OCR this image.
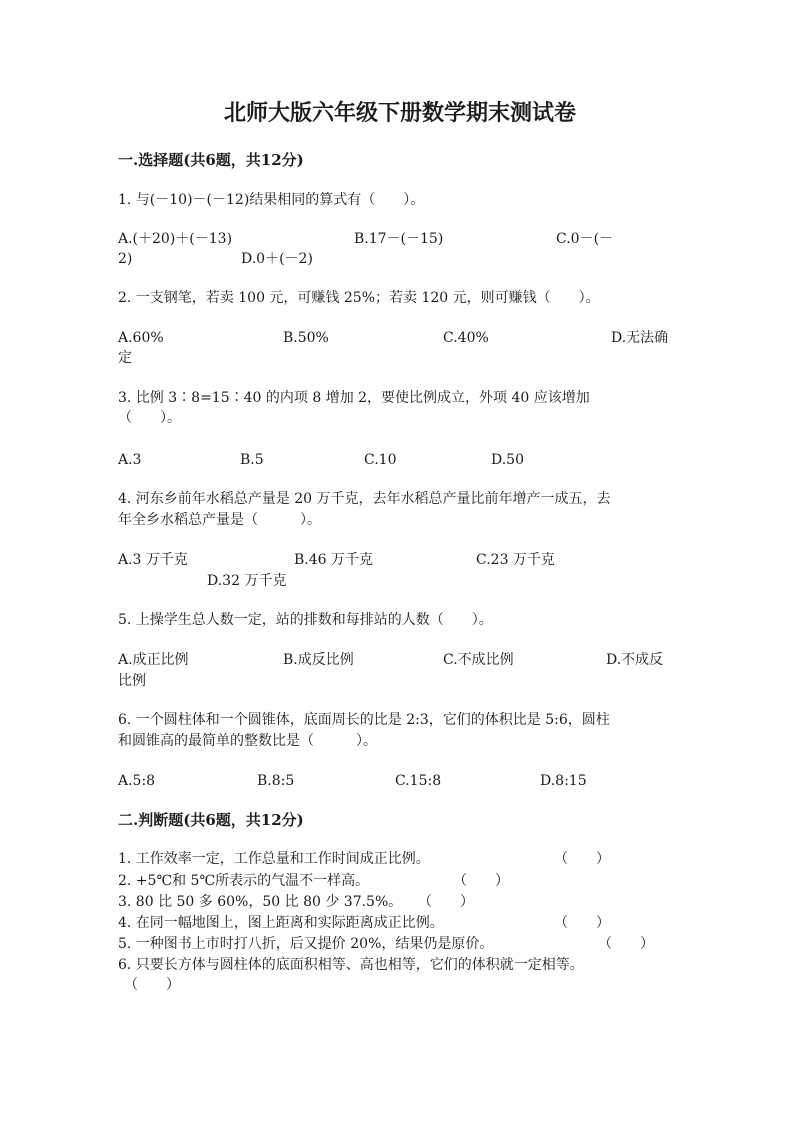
北师大版六年级下册数学期末测试卷
一.选择题(共6题，共12分)
1. 与(－10)－(－12)结果相同的算式有（　　）。
A.(＋20)＋(－13)	B.17－(－15)	C.0－(－
2)	D.0＋(－2)
2. 一支钢笔，若卖 100 元，可赚钱 25%；若卖 120 元，则可赚钱（　　）。
A.60%	B.50%	C.40%	D.无法确
定
3. 比例 3∶8=15∶40 的内项 8 增加 2，要使比例成立，外项 40 应该增加
（　　）。
A.3	B.5	C.10	D.50
4. 河东乡前年水稻总产量是 20 万千克，去年水稻总产量比前年增产一成五，去
年全乡水稻总产量是（　　　）。
A.3 万千克	B.46 万千克	C.23 万千克
D.32 万千克
5. 上操学生总人数一定，站的排数和每排站的人数（　　）。
A.成正比例	B.成反比例	C.不成比例	D.不成反
比例
6. 一个圆柱体和一个圆锥体，底面周长的比是 2:3，它们的体积比是 5:6，圆柱
和圆锥高的最简单的整数比是（　　　）。
A.5:8	B.8:5	C.15:8	D.8:15
二.判断题(共6题，共12分)
1. 工作效率一定，工作总量和工作时间成正比例。	（　　）
2. +5℃和 5℃所表示的气温不一样高。	（　　）
3. 80 比 50 多 60%，50 比 80 少 37.5%。 （　　）
4. 在同一幅地图上，图上距离和实际距离成正比例。	（　　）
5. 一种图书上市时打八折，后又提价 20%，结果仍是原价。	（　　）
6. 只要长方体与圆柱体的底面积相等、高也相等，它们的体积就一定相等。
（　　）
